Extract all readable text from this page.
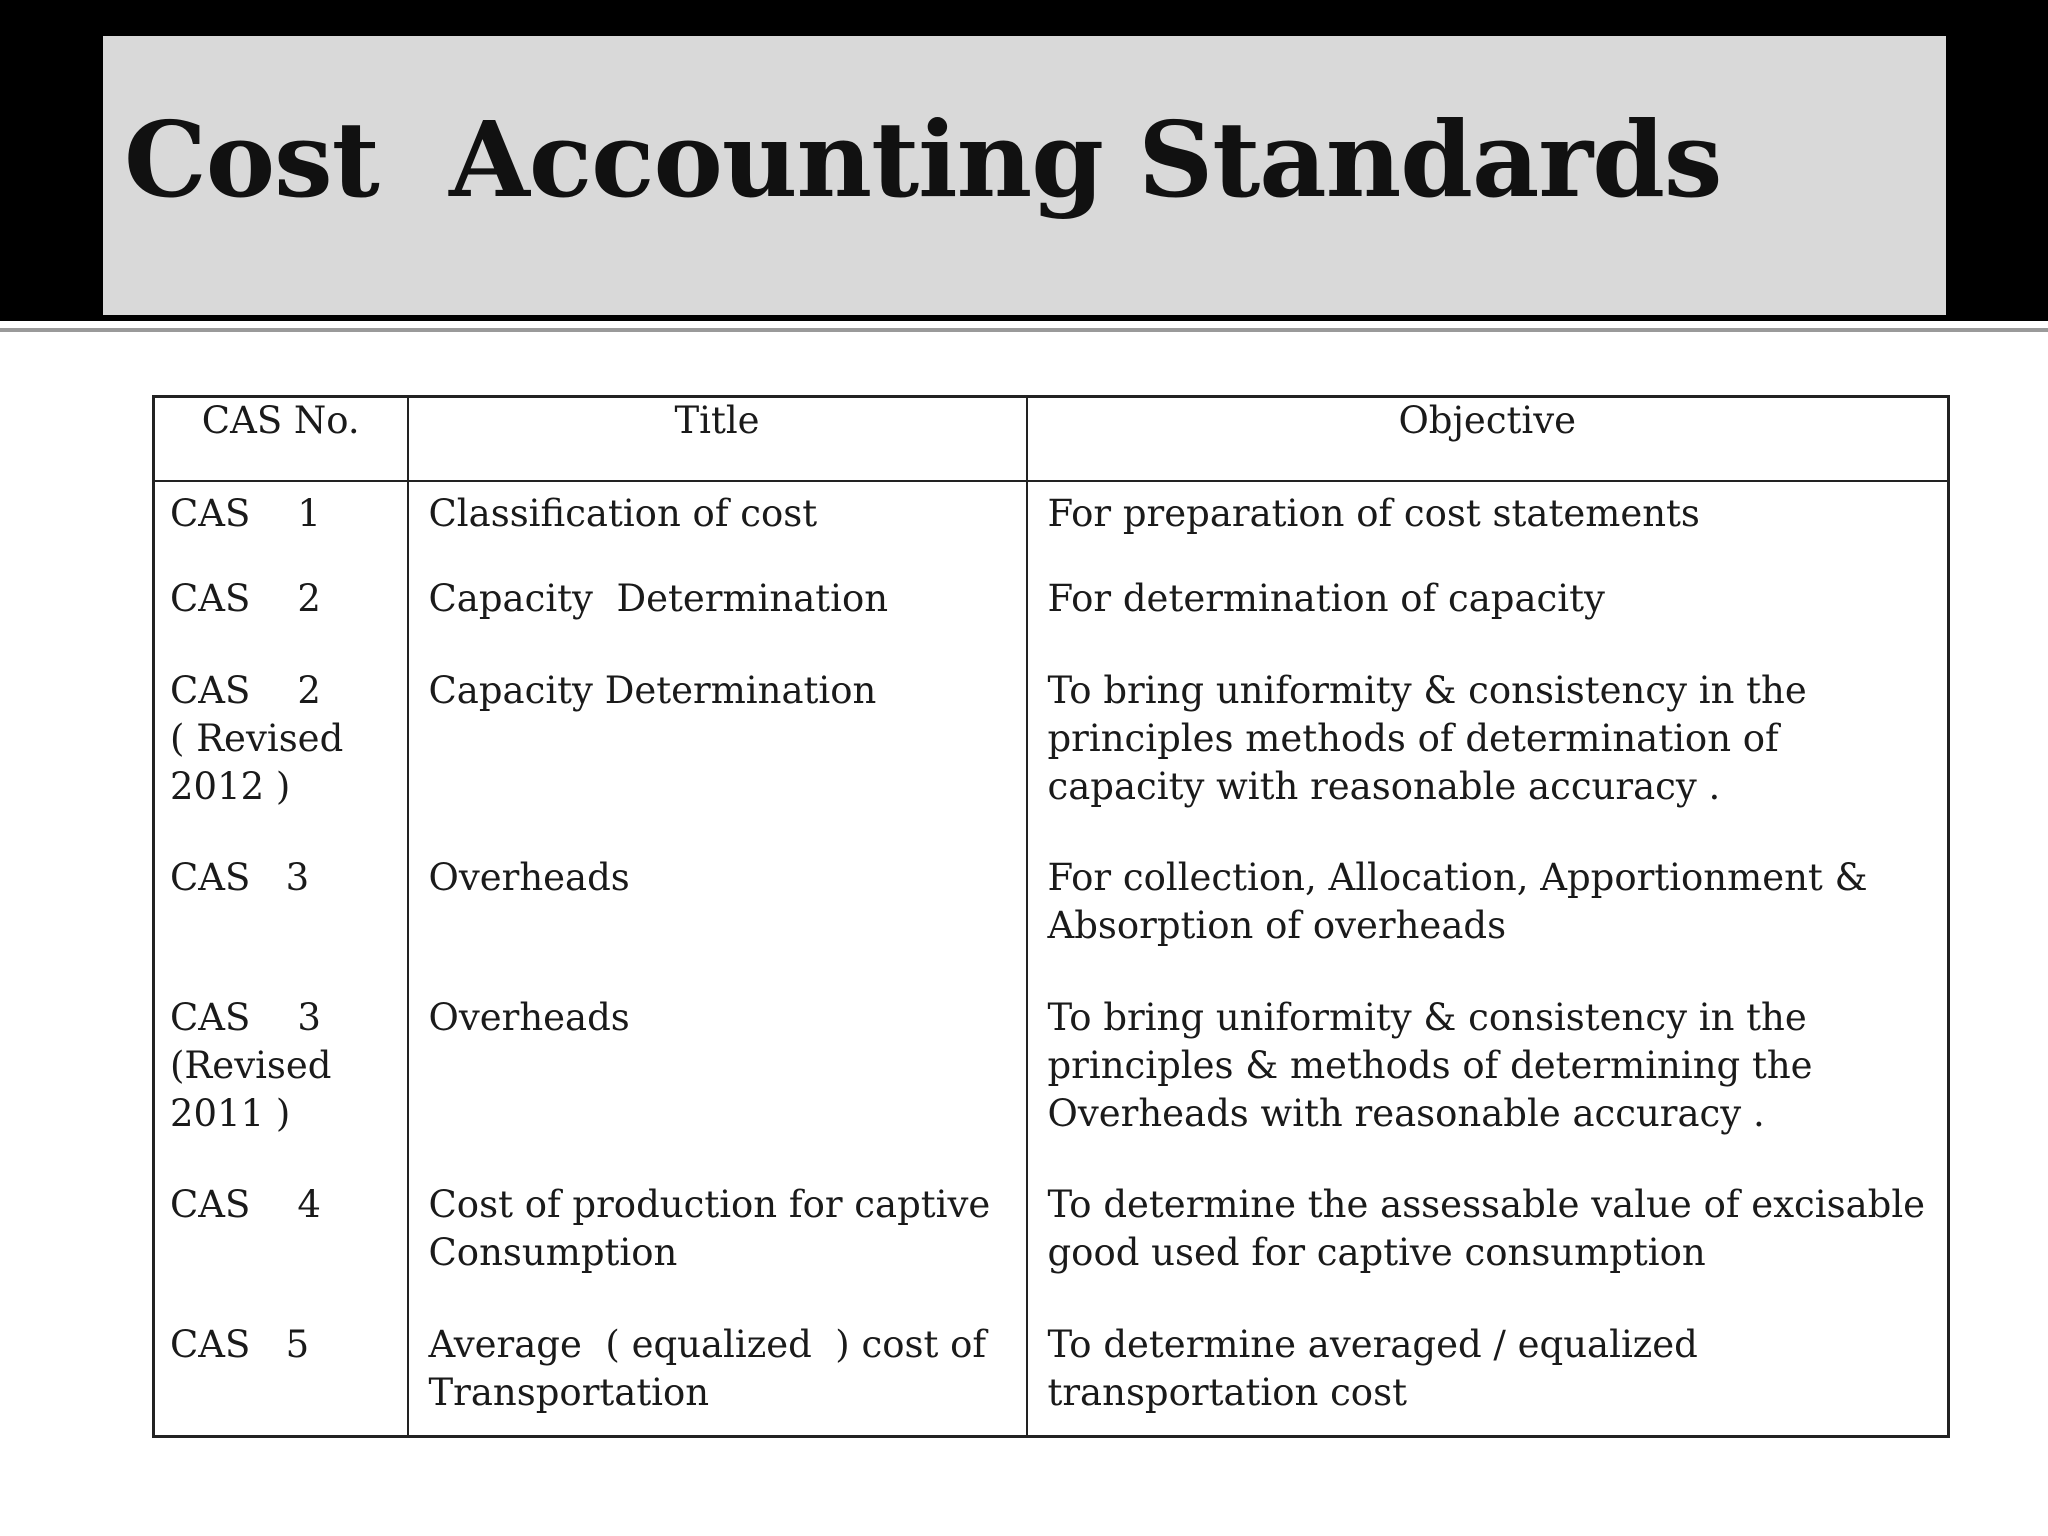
Cost  Accounting Standards
CAS No.	Title	Objective
CAS    1	Classification of cost	For preparation of cost statements
CAS    2	Capacity  Determination	For determination of capacity
CAS    2 ( Revised 2012 )	Capacity Determination	To bring uniformity & consistency in the principles methods of determination of capacity with reasonable accuracy .
CAS   3	Overheads	For collection, Allocation, Apportionment & Absorption of overheads
CAS    3 (Revised 2011 )	Overheads	To bring uniformity & consistency in the principles & methods of determining the Overheads with reasonable accuracy .
CAS    4	Cost of production for captive Consumption	To determine the assessable value of excisable good used for captive consumption
CAS   5	Average  ( equalized  ) cost of Transportation	To determine averaged / equalized transportation cost
